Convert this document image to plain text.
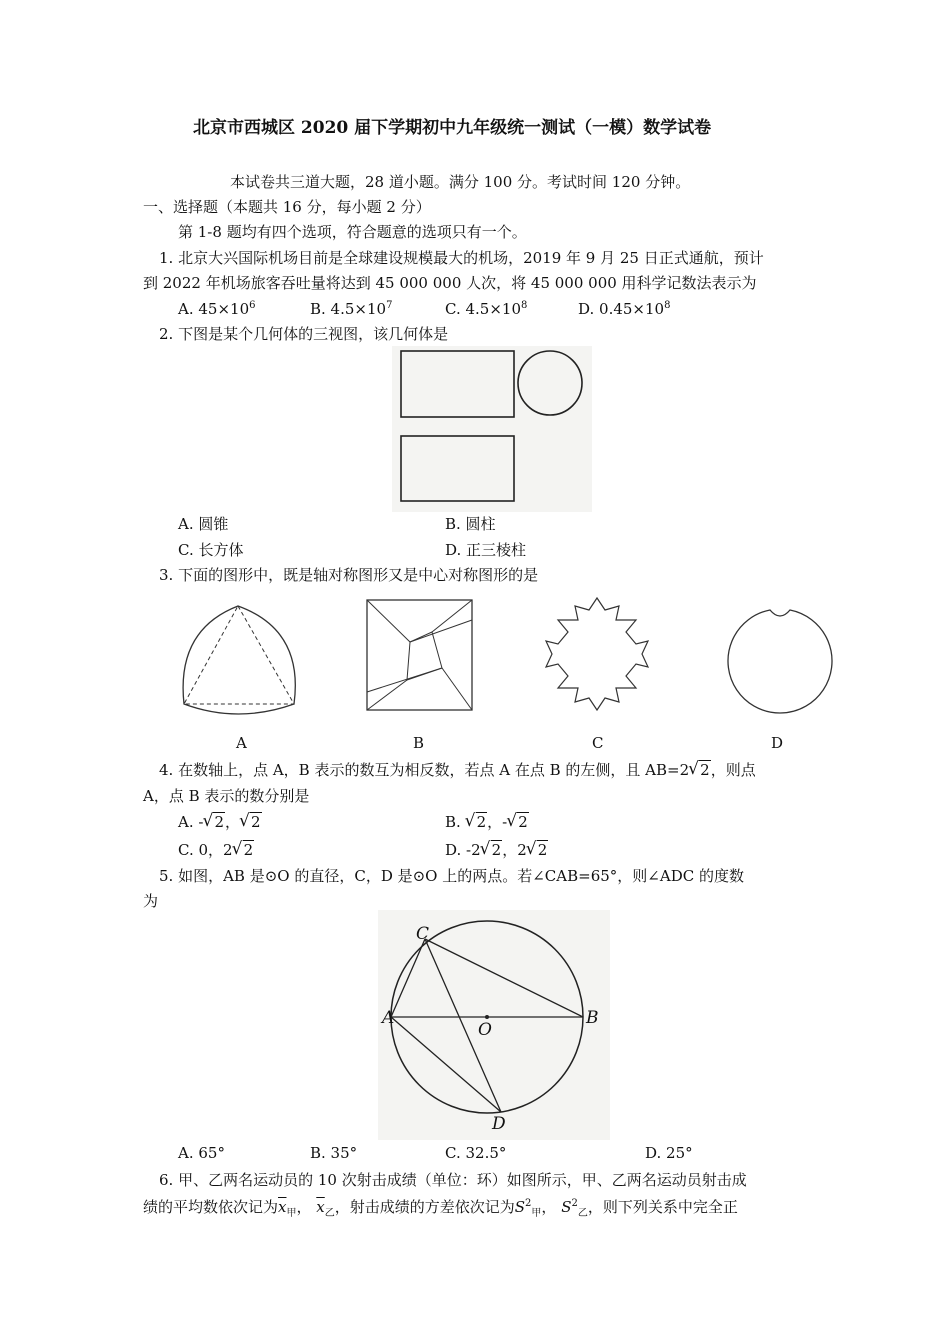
北京市西城区 2020 届下学期初中九年级统一测试（一模）数学试卷
本试卷共三道大题，28 道小题。满分 100 分。考试时间 120 分钟。
一、选择题（本题共 16 分，每小题 2 分）
第 1-8 题均有四个选项，符合题意的选项只有一个。
1. 北京大兴国际机场目前是全球建设规模最大的机场，2019 年 9 月 25 日正式通航，预计
到 2022 年机场旅客吞吐量将达到 45 000 000 人次，将 45 000 000 用科学记数法表示为
A. $45\times 10^6$	B. $4.5\times 10^7$	C. $4.5\times 10^8$	D. $0.45\times 10^8$
2. 下图是某个几何体的三视图，该几何体是
A. 圆锥	B. 圆柱
C. 长方体	D. 正三棱柱
3. 下面的图形中，既是轴对称图形又是中心对称图形的是
A	B	C	D
4. 在数轴上，点 A，B 表示的数互为相反数，若点 A 在点 B 的左侧，且 AB=2 √ 2，则点
A，点 B 表示的数分别是
A. - √ 2， √ 2	B. √ 2，- √ 2
C. 0，2 √ 2	D. -2 √ 2，2 √ 2
5. 如图，AB 是⊙O 的直径，C，D 是⊙O 上的两点。若∠CAB=65°，则∠ADC 的度数
为
C
A
O
B
D
A. 65°	B. 35°	C. 32.5°	D. 25°
6. 甲、乙两名运动员的 10 次射击成绩（单位：环）如图所示，甲、乙两名运动员射击成
绩的平均数依次记为$\overline{x}_甲$， $\overline{x}_乙$，射击成绩的方差依次记为$S^2_甲$， $S^2_乙$，则下列关系中完全正
